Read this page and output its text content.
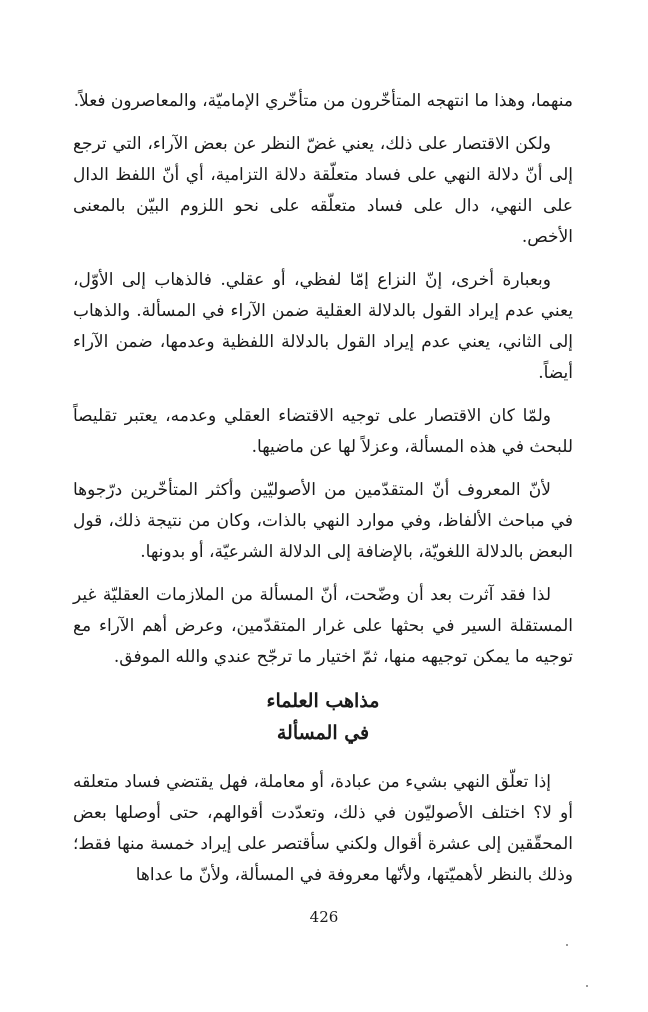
منهما، وهذا ما انتهجه المتأخّرون من متأخّري الإماميّة، والمعاصرون فعلاً.

ولكن الاقتصار على ذلك، يعني غضّ النظر عن بعض الآراء، التي ترجع إلى أنّ دلالة النهي على فساد متعلّقة دلالة التزامية، أي أنّ اللفظ الدال على النهي، دال على فساد متعلّقه على نحو اللزوم البيّن بالمعنى الأخص.

وبعبارة أخرى، إنّ النزاع إمّا لفظي، أو عقلي. فالذهاب إلى الأوّل، يعني عدم إيراد القول بالدلالة العقلية ضمن الآراء في المسألة. والذهاب إلى الثاني، يعني عدم إيراد القول بالدلالة اللفظية وعدمها، ضمن الآراء أيضاً.

ولمّا كان الاقتصار على توجيه الاقتضاء العقلي وعدمه، يعتبر تقليصاً للبحث في هذه المسألة، وعزلاً لها عن ماضيها.

لأنّ المعروف أنّ المتقدّمين من الأصوليّين وأكثر المتأخّرين درّجوها في مباحث الألفاظ، وفي موارد النهي بالذات، وكان من نتيجة ذلك، قول البعض بالدلالة اللغويّة، بالإضافة إلى الدلالة الشرعيّة، أو بدونها.

لذا فقد آثرت بعد أن وضّحت، أنّ المسألة من الملازمات العقليّة غير المستقلة السير في بحثها على غرار المتقدّمين، وعرض أهم الآراء مع توجيه ما يمكن توجيهه منها، ثمّ اختيار ما ترجّح عندي والله الموفق.

مذاهب العلماء

في المسألة

إذا تعلّق النهي بشيء من عبادة، أو معاملة، فهل يقتضي فساد متعلقه أو لا؟ اختلف الأصوليّون في ذلك، وتعدّدت أقوالهم، حتى أوصلها بعض المحقّقين إلى عشرة أقوال ولكني سأقتصر على إيراد خمسة منها فقط؛ وذلك بالنظر لأهميّتها، ولأنّها معروفة في المسألة، ولأنّ ما عداها

426
